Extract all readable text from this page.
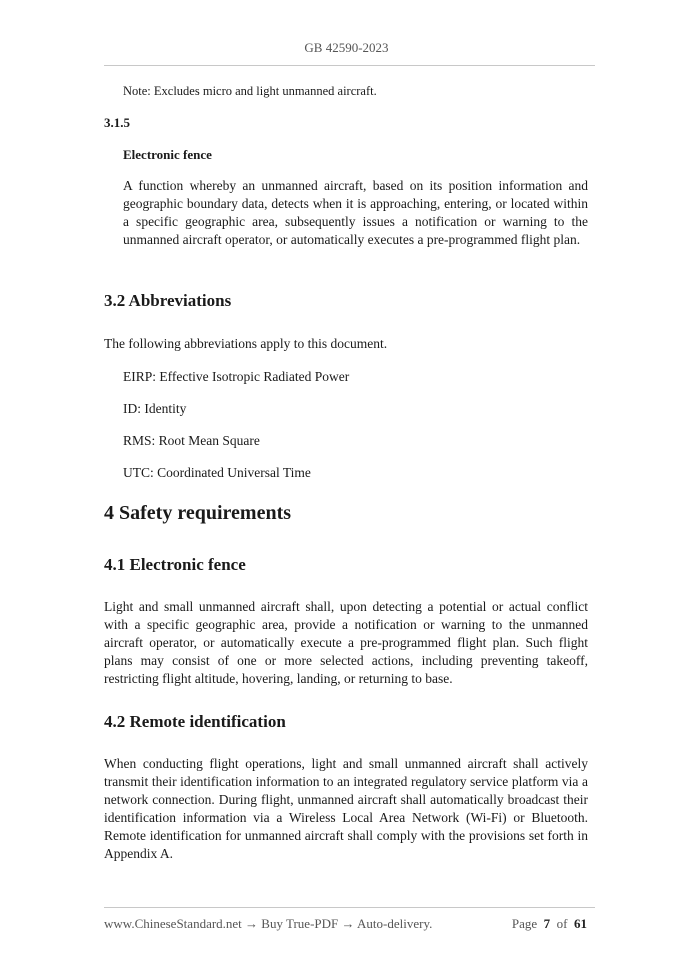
GB 42590-2023
Note: Excludes micro and light unmanned aircraft.
3.1.5
Electronic fence
A function whereby an unmanned aircraft, based on its position information and geographic boundary data, detects when it is approaching, entering, or located within a specific geographic area, subsequently issues a notification or warning to the unmanned aircraft operator, or automatically executes a pre-programmed flight plan.
3.2 Abbreviations
The following abbreviations apply to this document.
EIRP: Effective Isotropic Radiated Power
ID: Identity
RMS: Root Mean Square
UTC: Coordinated Universal Time
4 Safety requirements
4.1 Electronic fence
Light and small unmanned aircraft shall, upon detecting a potential or actual conflict with a specific geographic area, provide a notification or warning to the unmanned aircraft operator, or automatically execute a pre-programmed flight plan. Such flight plans may consist of one or more selected actions, including preventing takeoff, restricting flight altitude, hovering, landing, or returning to base.
4.2 Remote identification
When conducting flight operations, light and small unmanned aircraft shall actively transmit their identification information to an integrated regulatory service platform via a network connection. During flight, unmanned aircraft shall automatically broadcast their identification information via a Wireless Local Area Network (Wi-Fi) or Bluetooth. Remote identification for unmanned aircraft shall comply with the provisions set forth in Appendix A.
www.ChineseStandard.net → Buy True-PDF → Auto-delivery.	Page 7 of 61
